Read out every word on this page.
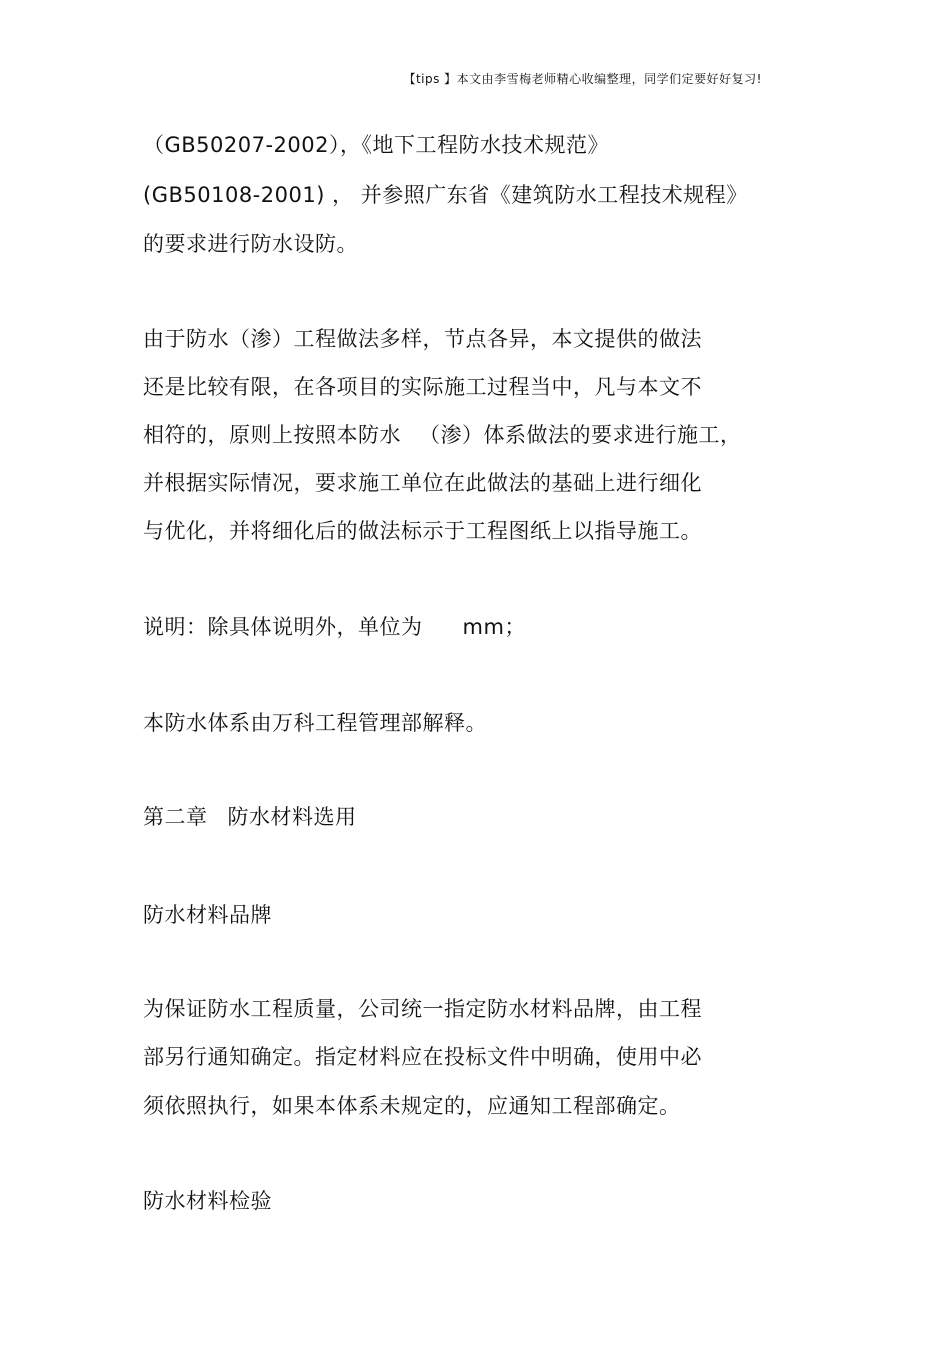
【tips 】本文由李雪梅老师精心收编整理，同学们定要好好复习!
（GB50207-2002），《地下工程防水技术规范》
(GB50108-2001) ， 并参照广东省《建筑防水工程技术规程》
的要求进行防水设防。
由于防水（渗）工程做法多样，节点各异，本文提供的做法
还是比较有限，在各项目的实际施工过程当中，凡与本文不
相符的，原则上按照本防水 （渗）体系做法的要求进行施工，
并根据实际情况，要求施工单位在此做法的基础上进行细化
与优化，并将细化后的做法标示于工程图纸上以指导施工。
说明：除具体说明外，单位为 mm；
本防水体系由万科工程管理部解释。
第二章 防水材料选用
防水材料品牌
为保证防水工程质量，公司统一指定防水材料品牌，由工程
部另行通知确定。指定材料应在投标文件中明确，使用中必
须依照执行，如果本体系未规定的，应通知工程部确定。
防水材料检验
